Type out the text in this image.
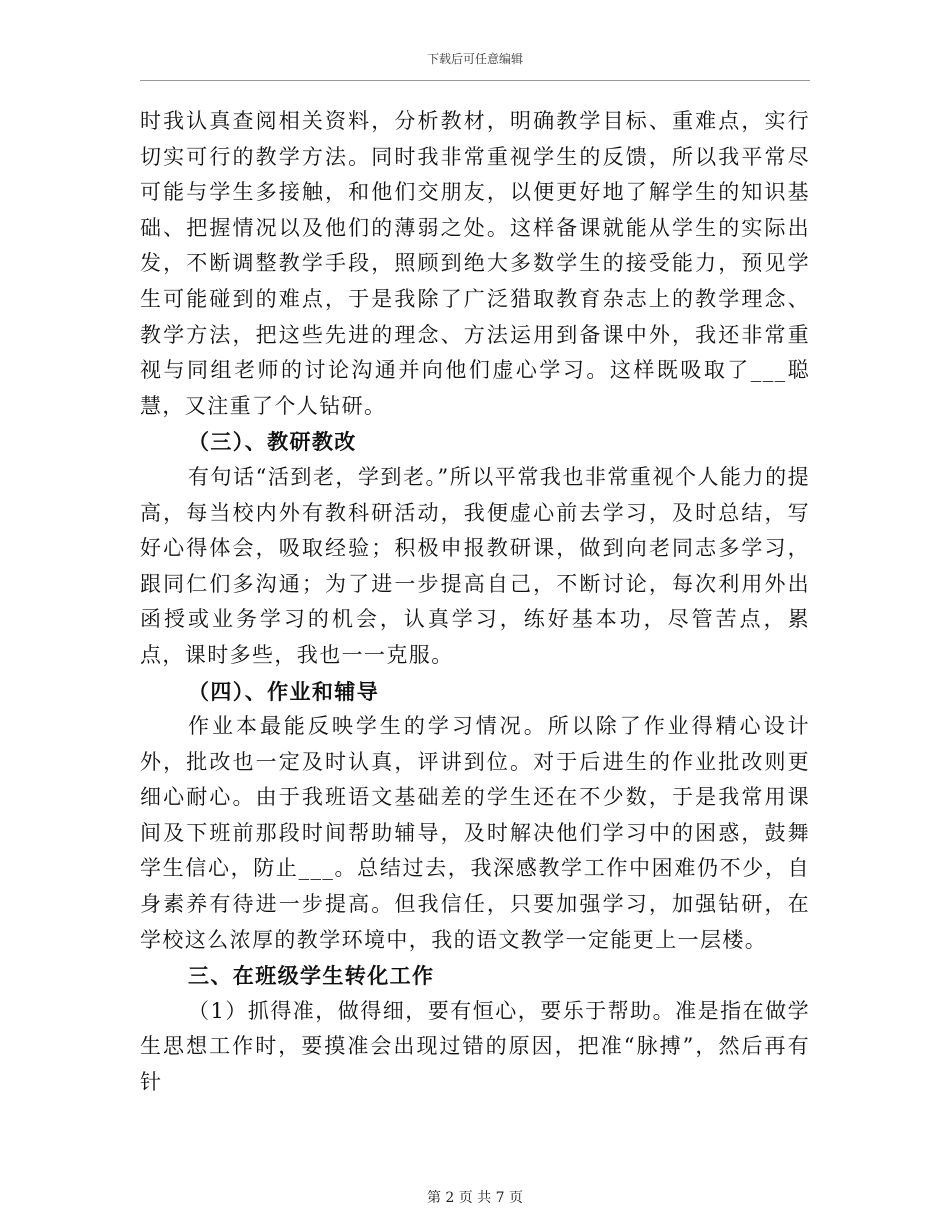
下载后可任意编辑

时我认真查阅相关资料，分析教材，明确教学目标、重难点，实行切实可行的教学方法。同时我非常重视学生的反馈，所以我平常尽可能与学生多接触，和他们交朋友，以便更好地了解学生的知识基础、把握情况以及他们的薄弱之处。这样备课就能从学生的实际出发，不断调整教学手段，照顾到绝大多数学生的接受能力，预见学生可能碰到的难点，于是我除了广泛猎取教育杂志上的教学理念、教学方法，把这些先进的理念、方法运用到备课中外，我还非常重视与同组老师的讨论沟通并向他们虚心学习。这样既吸取了___聪慧，又注重了个人钻研。

（三）、教研教改

有句话“活到老，学到老。”所以平常我也非常重视个人能力的提高，每当校内外有教科研活动，我便虚心前去学习，及时总结，写好心得体会，吸取经验；积极申报教研课，做到向老同志多学习，跟同仁们多沟通；为了进一步提高自己，不断讨论，每次利用外出函授或业务学习的机会，认真学习，练好基本功，尽管苦点，累点，课时多些，我也一一克服。

（四）、作业和辅导

作业本最能反映学生的学习情况。所以除了作业得精心设计外，批改也一定及时认真，评讲到位。对于后进生的作业批改则更细心耐心。由于我班语文基础差的学生还在不少数，于是我常用课间及下班前那段时间帮助辅导，及时解决他们学习中的困惑，鼓舞学生信心，防止___。总结过去，我深感教学工作中困难仍不少，自身素养有待进一步提高。但我信任，只要加强学习，加强钻研，在学校这么浓厚的教学环境中，我的语文教学一定能更上一层楼。

三、在班级学生转化工作

（1）抓得准，做得细，要有恒心，要乐于帮助。准是指在做学生思想工作时，要摸准会出现过错的原因，把准“脉搏”，然后再有针

第 2 页 共 7 页
